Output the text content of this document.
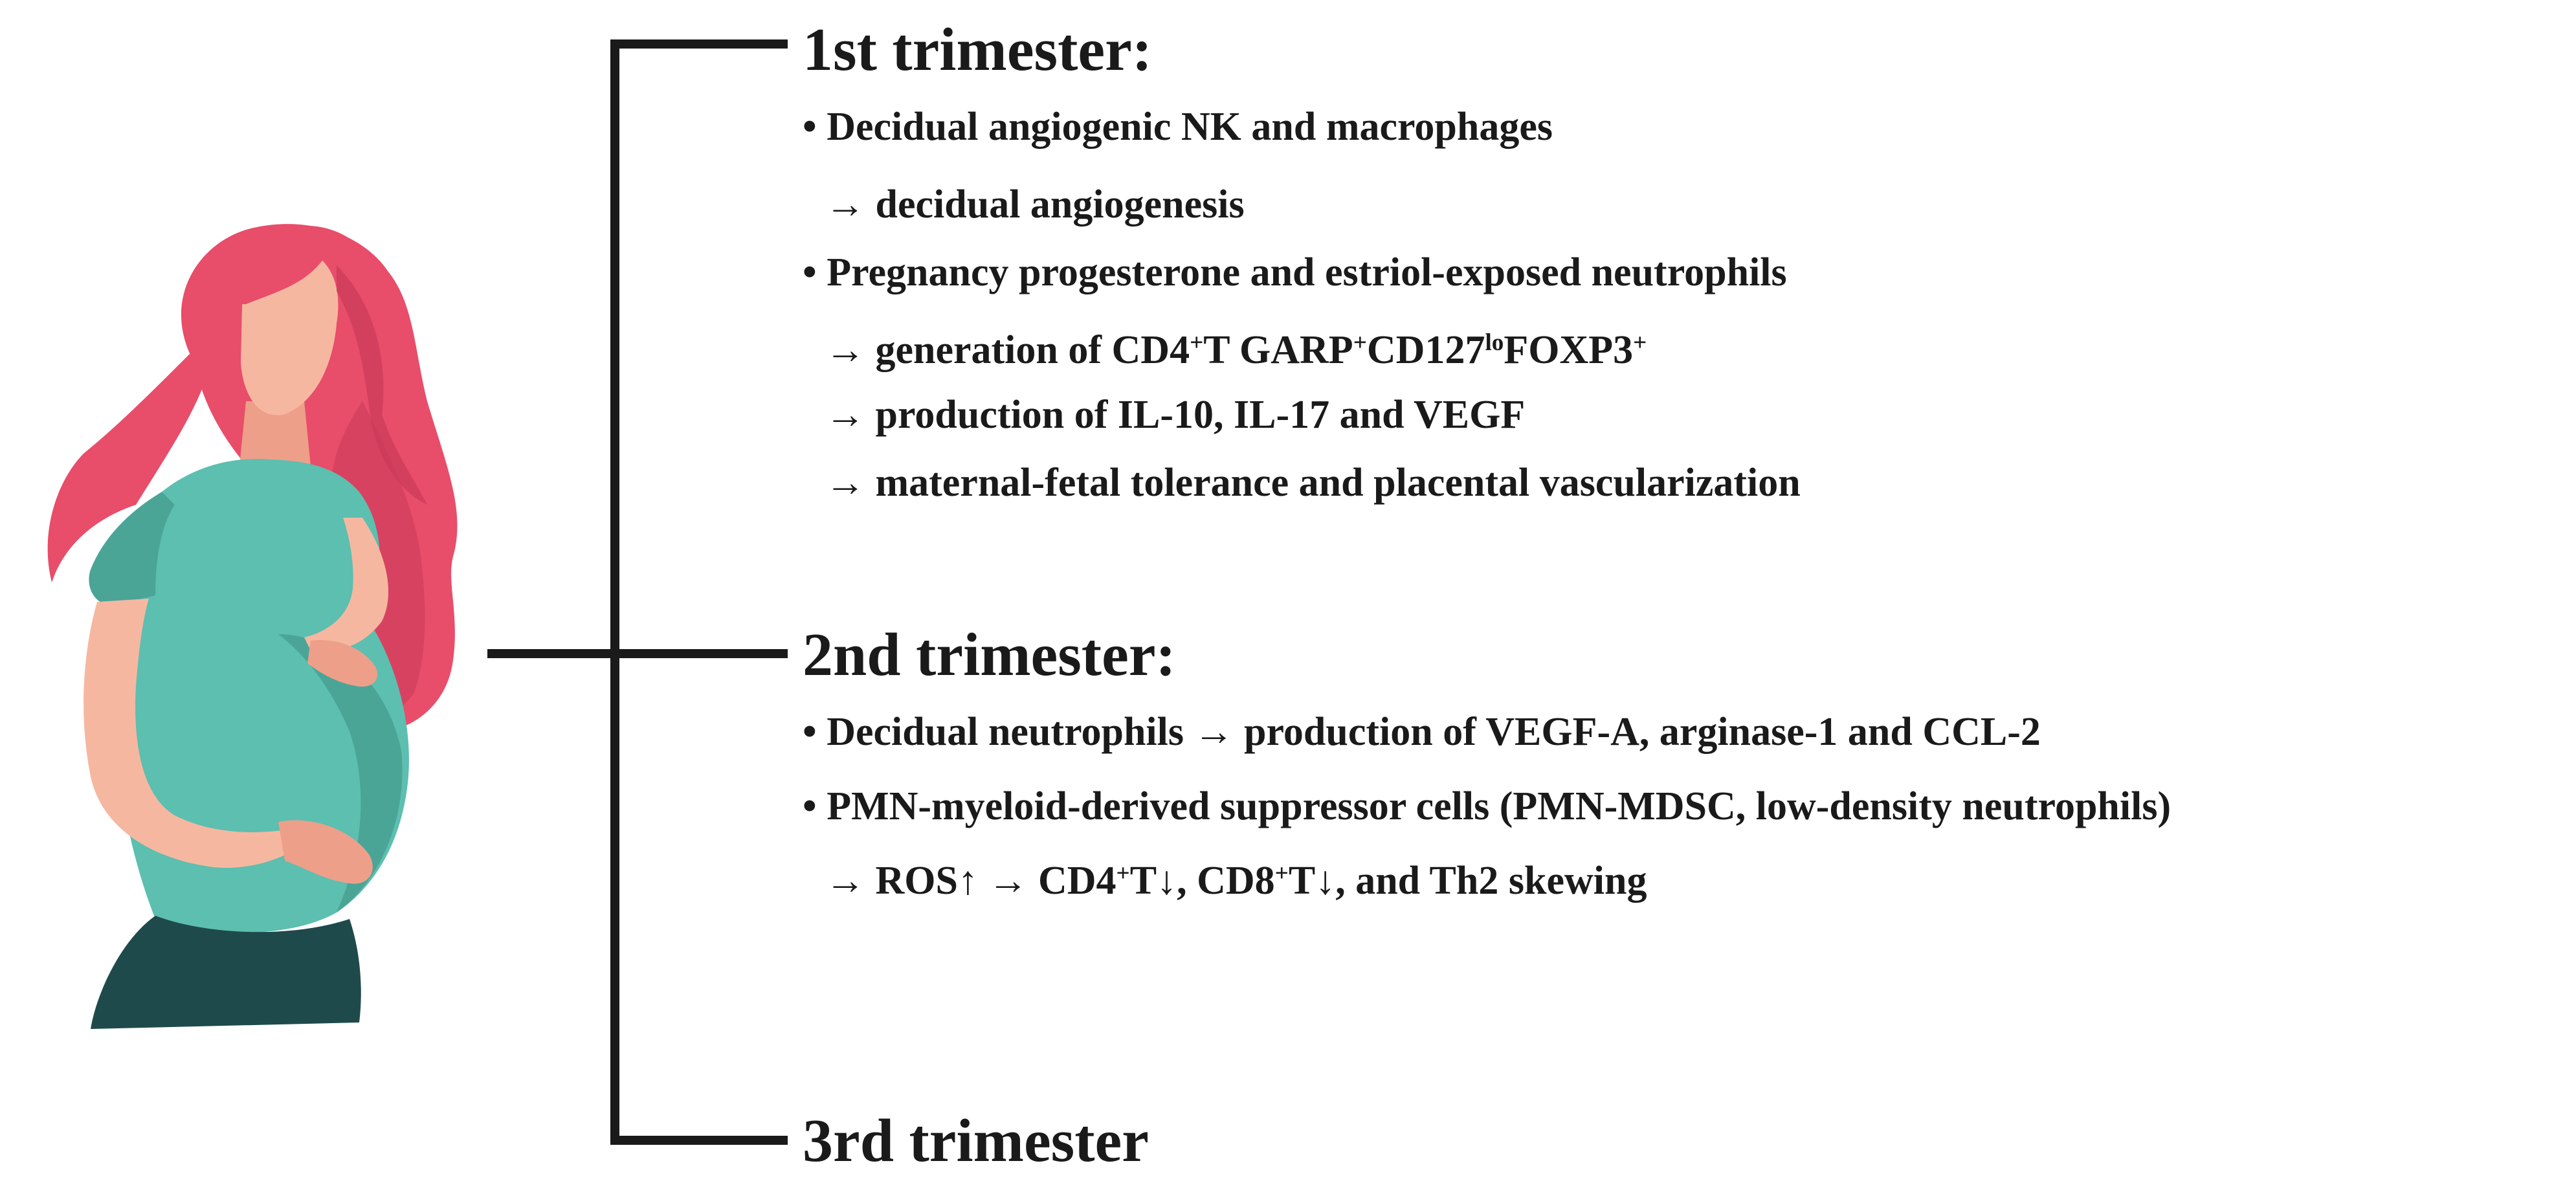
1st trimester:
• Decidual angiogenic NK and macrophages
→ decidual angiogenesis
• Pregnancy progesterone and estriol-exposed neutrophils
→ generation of CD4+T $GARP^+CD127^{lo}FOXP3^+$
→ production of IL-10, IL-17 and VEGF
→ maternal-fetal tolerance and placental vascularization
2nd trimester:
• Decidual neutrophils → production of VEGF-A, arginase-1 and CCL-2
• PMN-myeloid-derived suppressor cells (PMN-MDSC, low-density neutrophils)
→ ROS↑ → CD4+T↓, CD8+T↓, and Th2 skewing
3rd trimester
